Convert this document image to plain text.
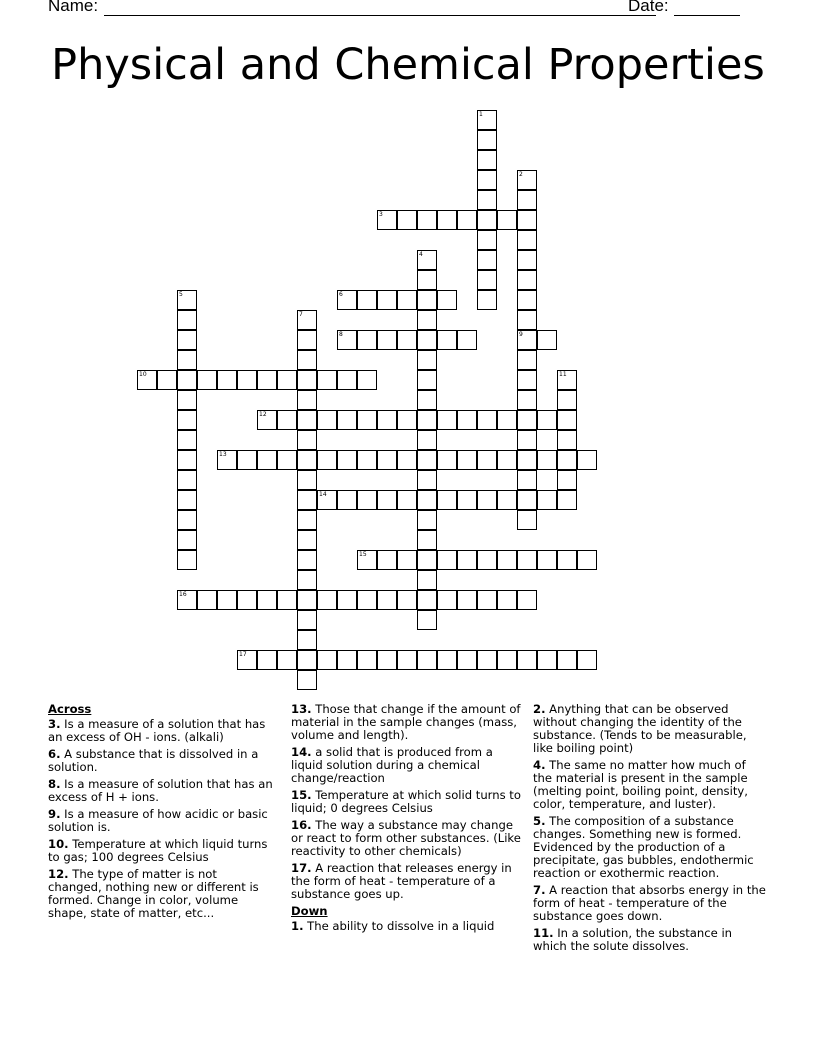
Name:	Date:
Physical and Chemical Properties
1
2
9
3
4
5	6
7
8
10	11
12
13
14
15
16
17
Across
3. Is a measure of a solution that has an excess of OH - ions. (alkali)
6. A substance that is dissolved in a solution.
8. Is a measure of solution that has an excess of H + ions.
9. Is a measure of how acidic or basic solution is.
10. Temperature at which liquid turns to gas; 100 degrees Celsius
12. The type of matter is not changed, nothing new or different is formed. Change in color, volume shape, state of matter, etc...
13. Those that change if the amount of material in the sample changes (mass, volume and length).
14. a solid that is produced from a liquid solution during a chemical change/reaction
15. Temperature at which solid turns to liquid; 0 degrees Celsius
16. The way a substance may change or react to form other substances. (Like reactivity to other chemicals)
17. A reaction that releases energy in the form of heat - temperature of a substance goes up.
Down
1. The ability to dissolve in a liquid
2. Anything that can be observed without changing the identity of the substance. (Tends to be measurable, like boiling point)
4. The same no matter how much of the material is present in the sample (melting point, boiling point, density, color, temperature, and luster).
5. The composition of a substance changes. Something new is formed. Evidenced by the production of a precipitate, gas bubbles, endothermic reaction or exothermic reaction.
7. A reaction that absorbs energy in the form of heat - temperature of the substance goes down.
11. In a solution, the substance in which the solute dissolves.
